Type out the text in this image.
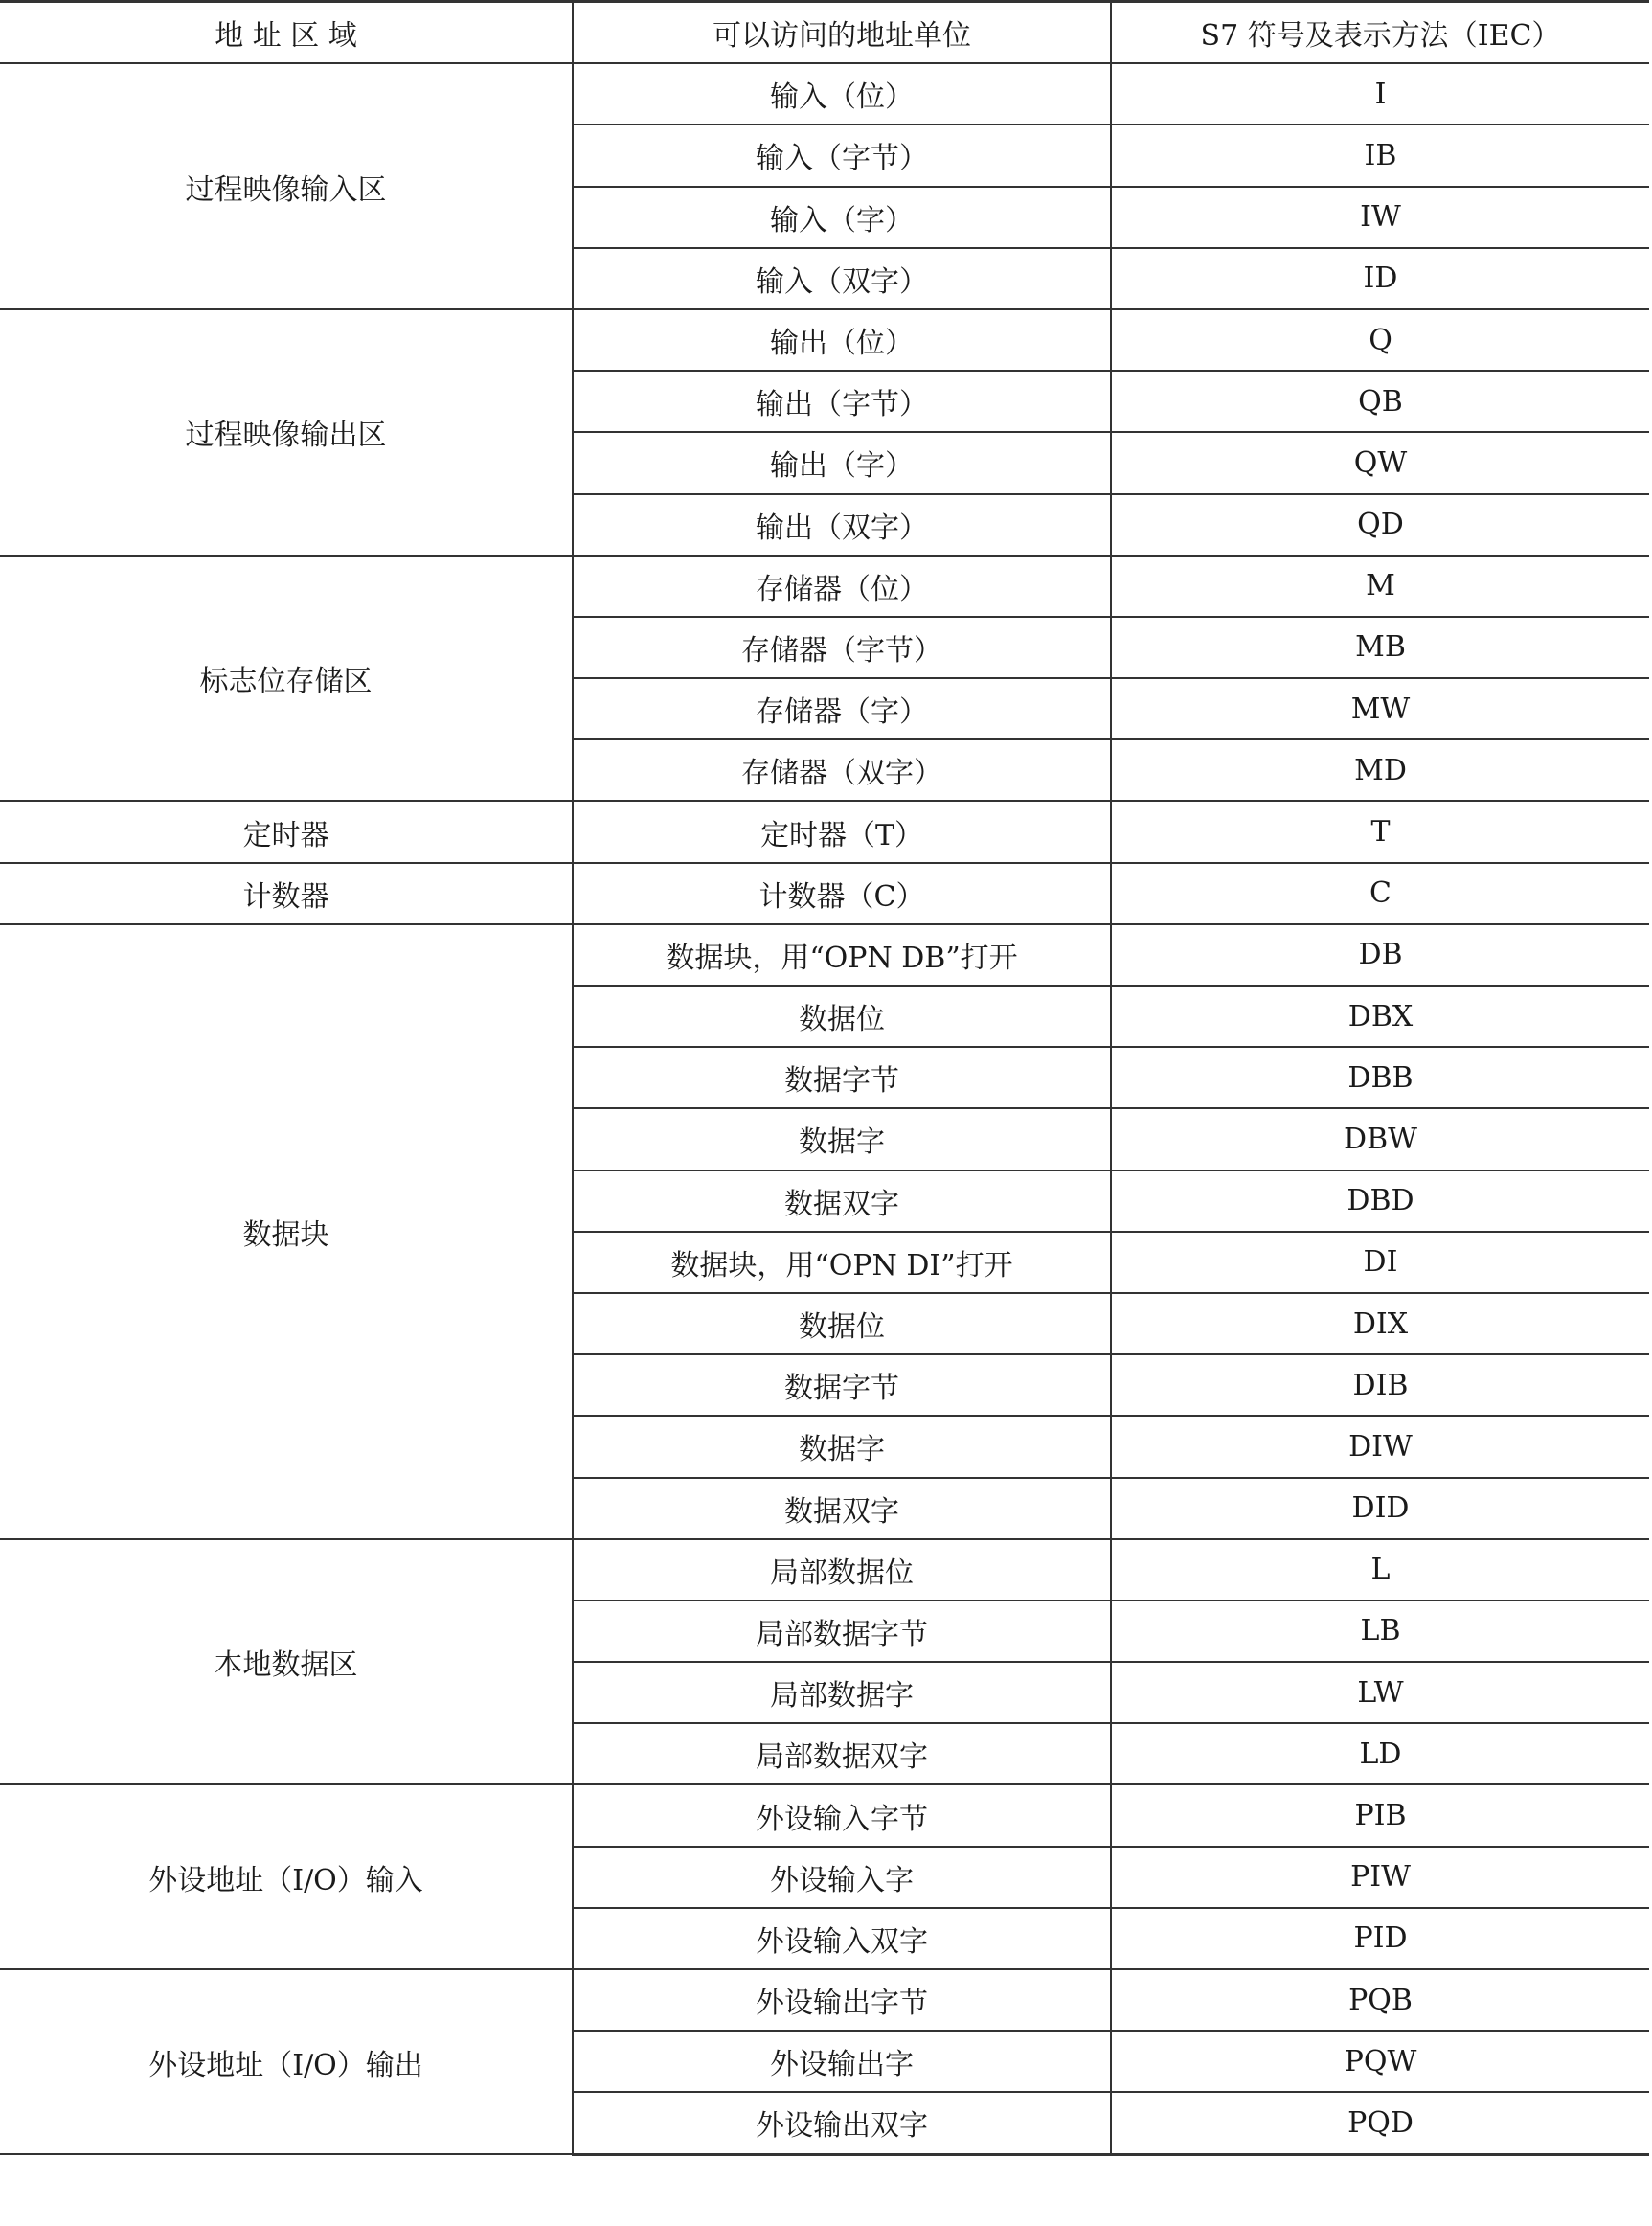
地 址 区 域	可以访问的地址单位	S7 符号及表示方法（IEC）
过程映像输入区	输入（位）	I
	输入（字节）	IB
	输入（字）	IW
	输入（双字）	ID
过程映像输出区	输出（位）	Q
	输出（字节）	QB
	输出（字）	QW
	输出（双字）	QD
标志位存储区	存储器（位）	M
	存储器（字节）	MB
	存储器（字）	MW
	存储器（双字）	MD
定时器	定时器（T）	T
计数器	计数器（C）	C
数据块	数据块，用“OPN DB”打开	DB
	数据位	DBX
	数据字节	DBB
	数据字	DBW
	数据双字	DBD
	数据块，用“OPN DI”打开	DI
	数据位	DIX
	数据字节	DIB
	数据字	DIW
	数据双字	DID
本地数据区	局部数据位	L
	局部数据字节	LB
	局部数据字	LW
	局部数据双字	LD
外设地址（I/O）输入	外设输入字节	PIB
	外设输入字	PIW
	外设输入双字	PID
外设地址（I/O）输出	外设输出字节	PQB
	外设输出字	PQW
	外设输出双字	PQD
